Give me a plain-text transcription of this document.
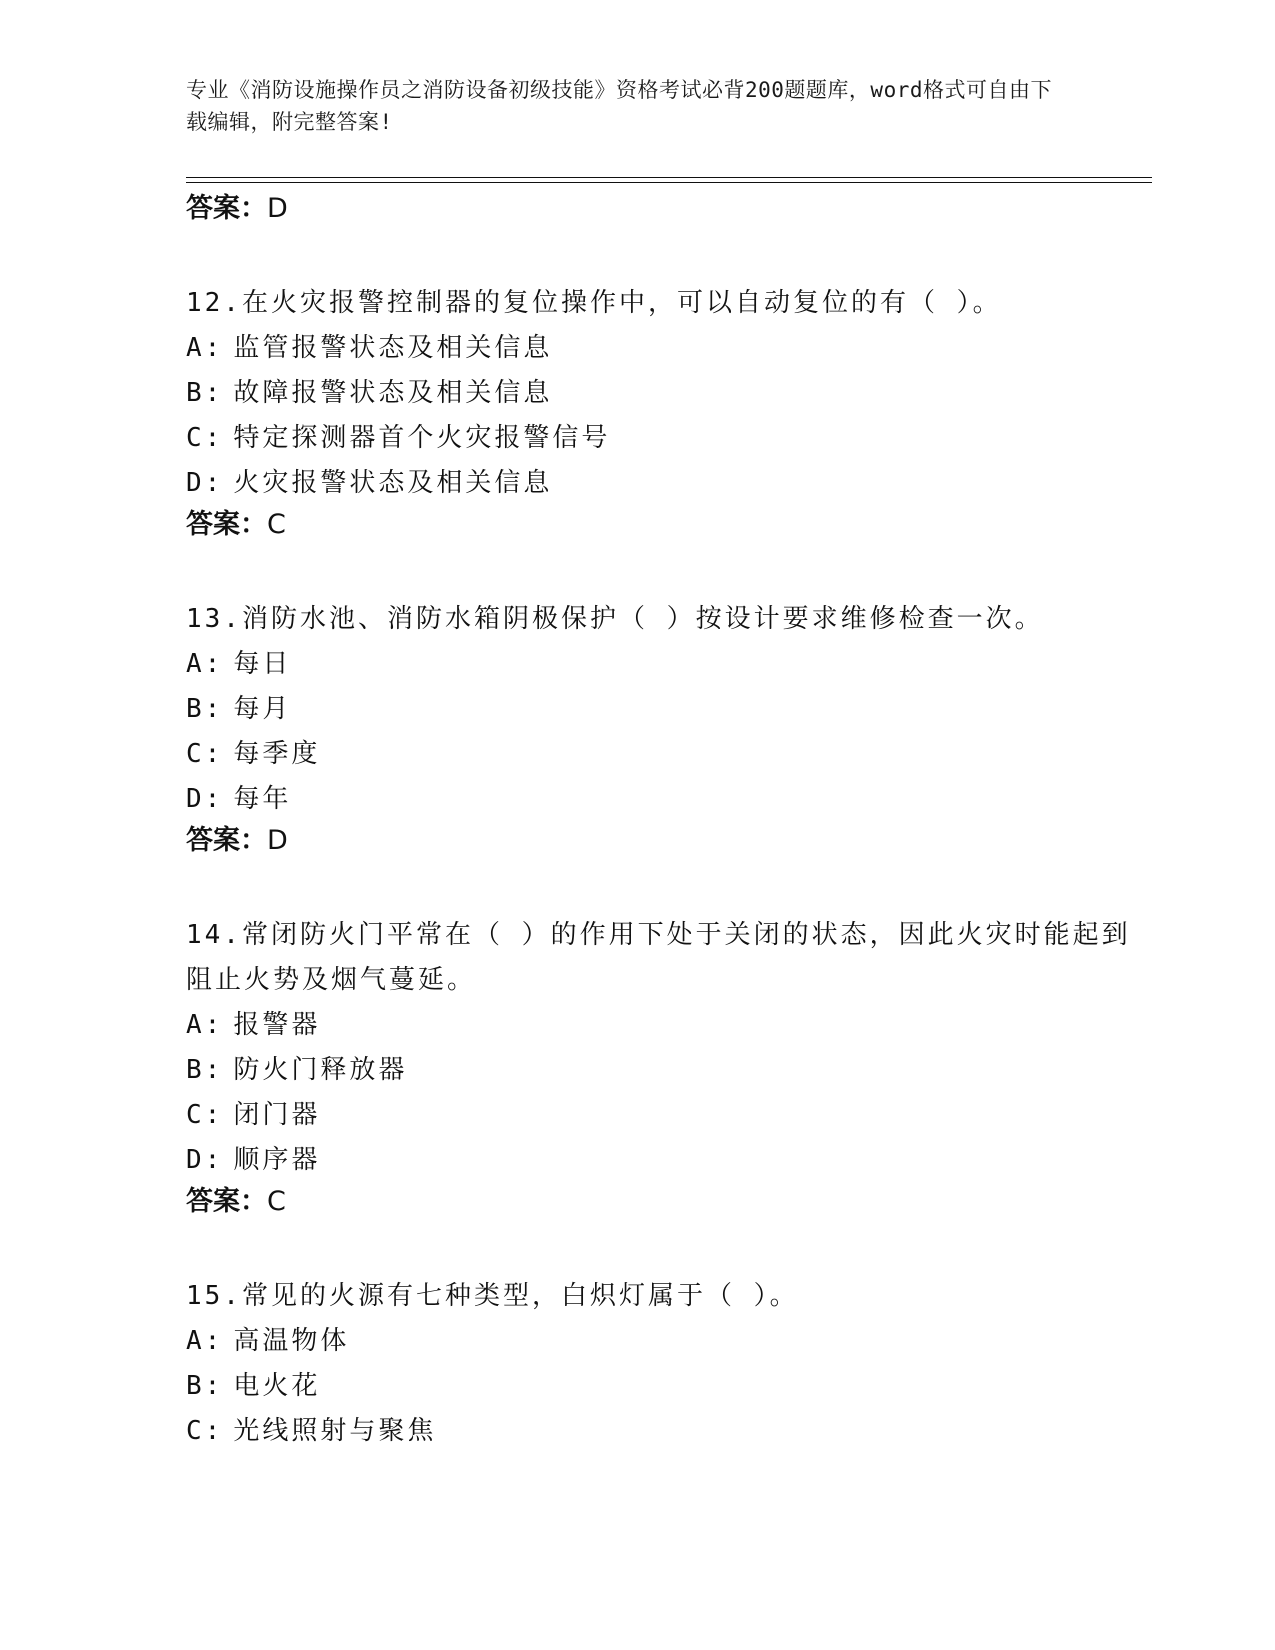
专业《消防设施操作员之消防设备初级技能》资格考试必背200题题库，word格式可自由下载编辑，附完整答案!
答案：D

12.在火灾报警控制器的复位操作中，可以自动复位的有（ ）。

A: 监管报警状态及相关信息
B: 故障报警状态及相关信息
C: 特定探测器首个火灾报警信号
D: 火灾报警状态及相关信息
答案：C

13.消防水池、消防水箱阴极保护（ ）按设计要求维修检查一次。

A: 每日
B: 每月
C: 每季度
D: 每年
答案：D

14.常闭防火门平常在（ ）的作用下处于关闭的状态，因此火灾时能起到阻止火势及烟气蔓延。

A: 报警器
B: 防火门释放器
C: 闭门器
D: 顺序器
答案：C

15.常见的火源有七种类型，白炽灯属于（ ）。

A: 高温物体
B: 电火花
C: 光线照射与聚焦
